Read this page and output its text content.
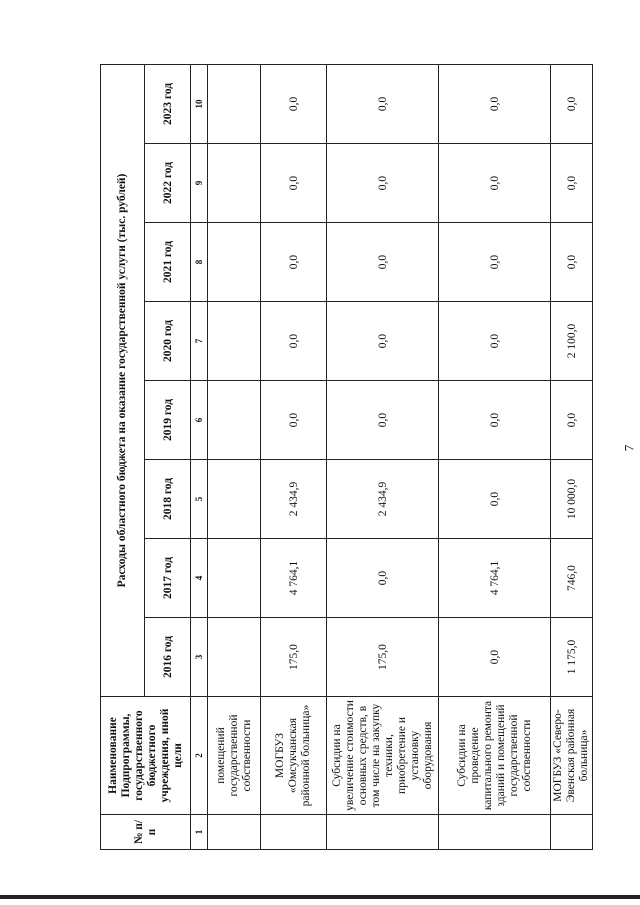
7
№ п/п	Наименование Подпрограммы, государственного бюджетного учреждения, иной цели	Расходы областного бюджета на оказание государственной услуги (тыс. рублей)							
		2016 год	2017 год	2018 год	2019 год	2020 год	2021 год	2022 год	2023 год
1	2	3	4	5	6	7	8	9	10
	помещений государственной собственности								
	МОГБУЗ «Омсукчанская районной больница»	175,0	4 764,1	2 434,9	0,0	0,0	0,0	0,0	0,0
	Субсидии на увеличение стоимости основных средств, в том числе на закупку техники, приобретение и установку оборудования	175,0	0,0	2 434,9	0,0	0,0	0,0	0,0	0,0
	Субсидии на проведение капитального ремонта зданий и помещений государственной собственности	0,0	4 764,1	0,0	0,0	0,0	0,0	0,0	0,0
	МОГБУЗ «Северо-Эвенская районная больница»	1 175,0	746,0	10 000,0	0,0	2 100,0	0,0	0,0	0,0
